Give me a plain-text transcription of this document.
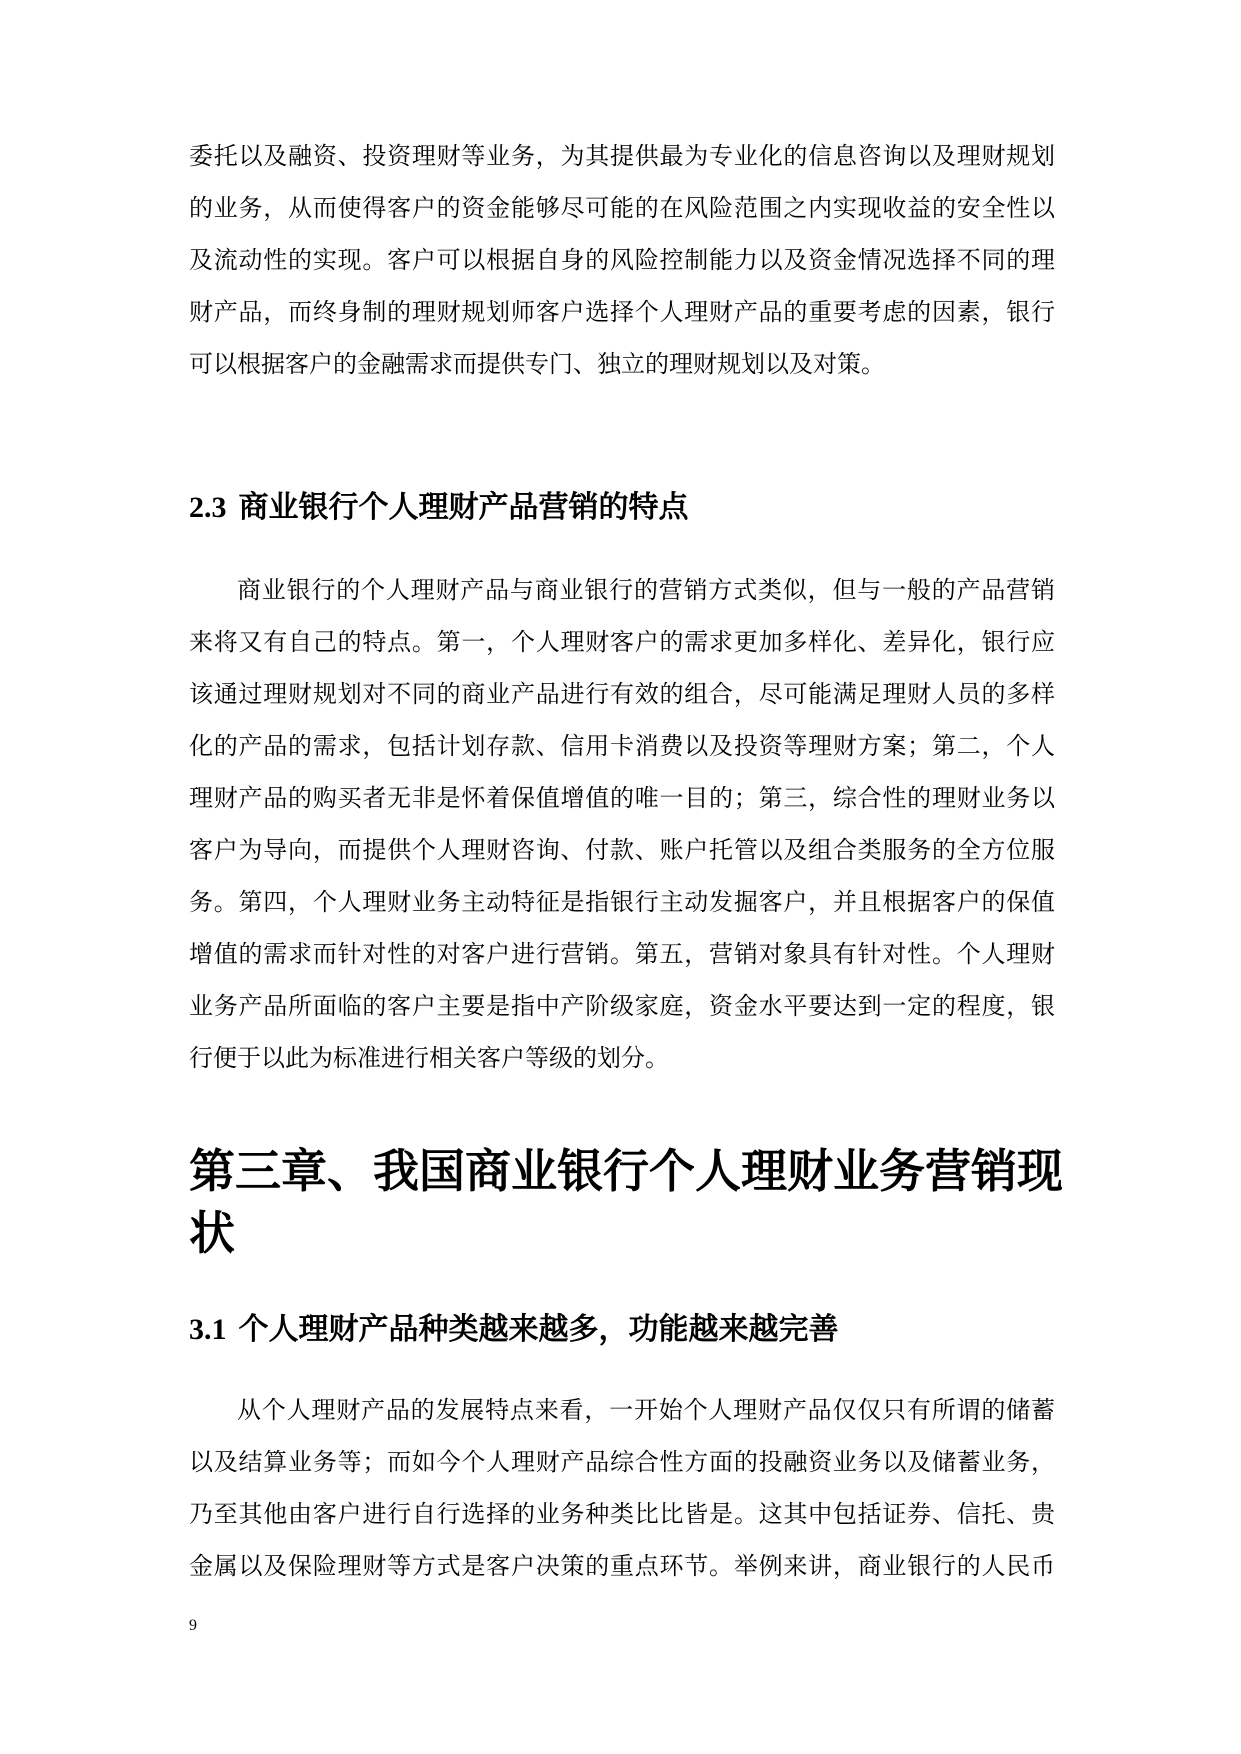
委托以及融资、投资理财等业务，为其提供最为专业化的信息咨询以及理财规划
的业务，从而使得客户的资金能够尽可能的在风险范围之内实现收益的安全性以
及流动性的实现。客户可以根据自身的风险控制能力以及资金情况选择不同的理
财产品，而终身制的理财规划师客户选择个人理财产品的重要考虑的因素，银行
可以根据客户的金融需求而提供专门、独立的理财规划以及对策。
2.3 商业银行个人理财产品营销的特点
商业银行的个人理财产品与商业银行的营销方式类似，但与一般的产品营销
来将又有自己的特点。第一，个人理财客户的需求更加多样化、差异化，银行应
该通过理财规划对不同的商业产品进行有效的组合，尽可能满足理财人员的多样
化的产品的需求，包括计划存款、信用卡消费以及投资等理财方案；第二，个人
理财产品的购买者无非是怀着保值增值的唯一目的；第三，综合性的理财业务以
客户为导向，而提供个人理财咨询、付款、账户托管以及组合类服务的全方位服
务。第四，个人理财业务主动特征是指银行主动发掘客户，并且根据客户的保值
增值的需求而针对性的对客户进行营销。第五，营销对象具有针对性。个人理财
业务产品所面临的客户主要是指中产阶级家庭，资金水平要达到一定的程度，银
行便于以此为标准进行相关客户等级的划分。
第三章、我国商业银行个人理财业务营销现
状
3.1 个人理财产品种类越来越多，功能越来越完善
从个人理财产品的发展特点来看，一开始个人理财产品仅仅只有所谓的储蓄
以及结算业务等；而如今个人理财产品综合性方面的投融资业务以及储蓄业务，
乃至其他由客户进行自行选择的业务种类比比皆是。这其中包括证券、信托、贵
金属以及保险理财等方式是客户决策的重点环节。举例来讲，商业银行的人民币
9
